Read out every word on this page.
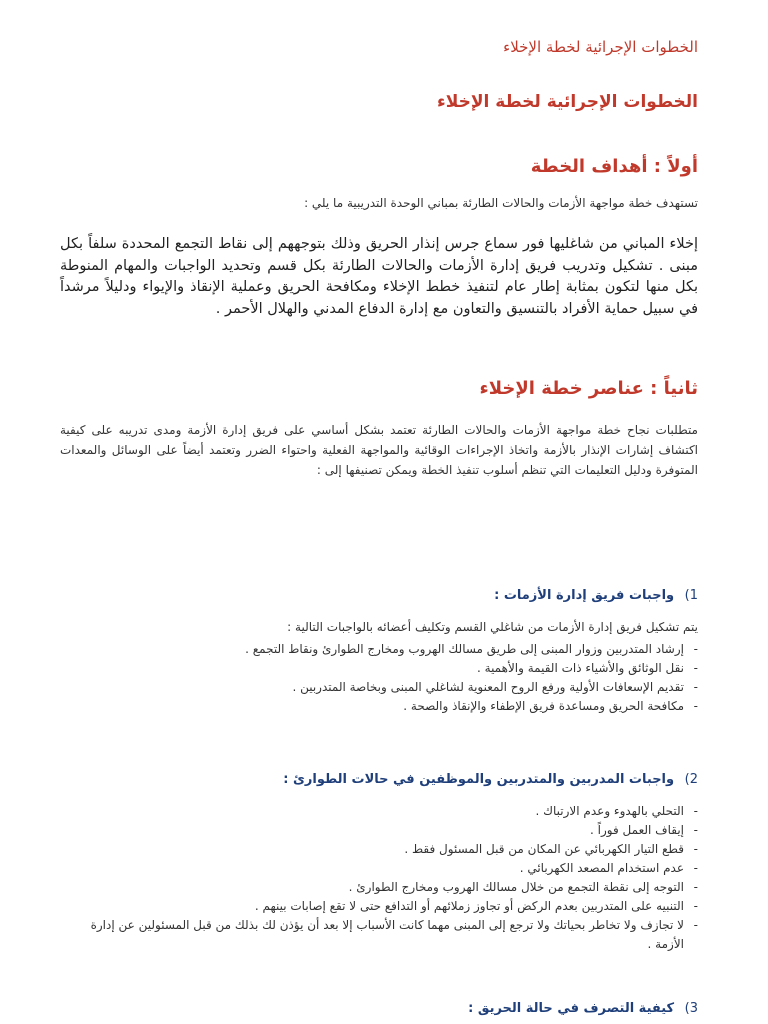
الخطوات الإجرائية لخطة الإخلاء
الخطوات الإجرائية لخطة الإخلاء
أولاً : أهداف الخطة
تستهدف خطة مواجهة الأزمات والحالات الطارئة بمباني الوحدة التدريبية ما يلي :
إخلاء المباني من شاغليها فور سماع جرس إنذار الحريق وذلك بتوجههم إلى نقاط التجمع المحددة سلفاً بكل مبنى . تشكيل وتدريب فريق إدارة الأزمات والحالات الطارئة بكل قسم وتحديد الواجبات والمهام المنوطة بكل منها لتكون بمثابة إطار عام لتنفيذ خطط الإخلاء ومكافحة الحريق وعملية الإنقاذ والإيواء ودليلاً مرشداً في سبيل حماية الأفراد بالتنسيق والتعاون مع إدارة الدفاع المدني والهلال الأحمر .
ثانياً : عناصر خطة الإخلاء
متطلبات نجاح خطة مواجهة الأزمات والحالات الطارئة تعتمد بشكل أساسي على فريق إدارة الأزمة ومدى تدريبه على كيفية اكتشاف إشارات الإنذار بالأزمة واتخاذ الإجراءات الوقائية والمواجهة الفعلية واحتواء الضرر وتعتمد أيضاً على الوسائل والمعدات المتوفرة ودليل التعليمات التي تنظم أسلوب تنفيذ الخطة ويمكن تصنيفها إلى :
1) واجبات فريق إدارة الأزمات :
يتم تشكيل فريق إدارة الأزمات من شاغلي القسم وتكليف أعضائه بالواجبات التالية :
- إرشاد المتدربين وزوار المبنى إلى طريق مسالك الهروب ومخارج الطوارئ ونقاط التجمع .
- نقل الوثائق والأشياء ذات القيمة والأهمية .
- تقديم الإسعافات الأولية ورفع الروح المعنوية لشاغلي المبنى وبخاصة المتدربين .
- مكافحة الحريق ومساعدة فريق الإطفاء والإنقاذ والصحة .
2) واجبات المدربين والمتدربين والموظفين في حالات الطوارئ :
- التحلي بالهدوء وعدم الارتباك .
- إيقاف العمل فوراً .
- قطع التيار الكهربائي عن المكان من قبل المسئول فقط .
- عدم استخدام المصعد الكهربائي .
- التوجه إلى نقطة التجمع من خلال مسالك الهروب ومخارج الطوارئ .
- التنبيه على المتدربين بعدم الركض أو تجاوز زملائهم أو التدافع حتى لا تقع إصابات بينهم .
- لا تجازف ولا تخاطر بحياتك ولا ترجع إلى المبنى مهما كانت الأسباب إلا بعد أن يؤذن لك بذلك من قبل المسئولين عن إدارة الأزمة .
3) كيفية التصرف في حالة الحريق :
